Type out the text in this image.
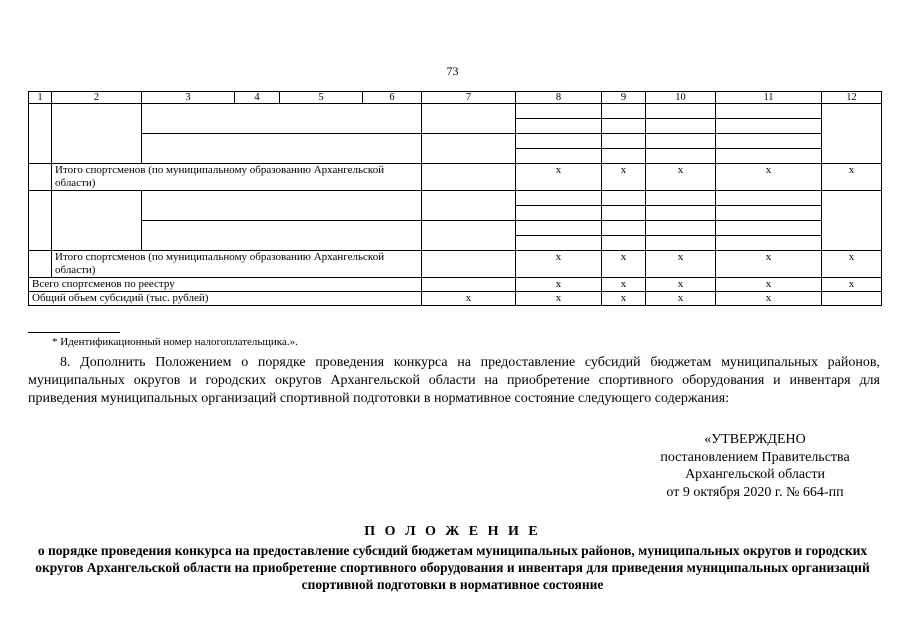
73
1	2	3	4	5	6	7	8	9	10	11	12

	Итого спортсменов (по муниципальному образованию Архангельской области)						х	х	х	х	х

	Итого спортсменов (по муниципальному образованию Архангельской области)						х	х	х	х	х
Всего спортсменов по реестру							х	х	х	х	х
Общий объем субсидий (тыс. рублей)						х	х	х	х	х	
* Идентификационный номер налогоплательщика.».
8. Дополнить Положением о порядке проведения конкурса на предоставление субсидий бюджетам муниципальных районов, муниципальных округов и городских округов Архангельской области на приобретение спортивного оборудования и инвентаря для приведения муниципальных организаций спортивной подготовки в нормативное состояние следующего содержания:
«УТВЕРЖДЕНО
постановлением Правительства
Архангельской области
от 9 октября 2020 г. № 664-пп
П О Л О Ж Е Н И Е
о порядке проведения конкурса на предоставление субсидий бюджетам муниципальных районов, муниципальных округов и городских округов Архангельской области на приобретение спортивного оборудования и инвентаря для приведения муниципальных организаций спортивной подготовки в нормативное состояние
